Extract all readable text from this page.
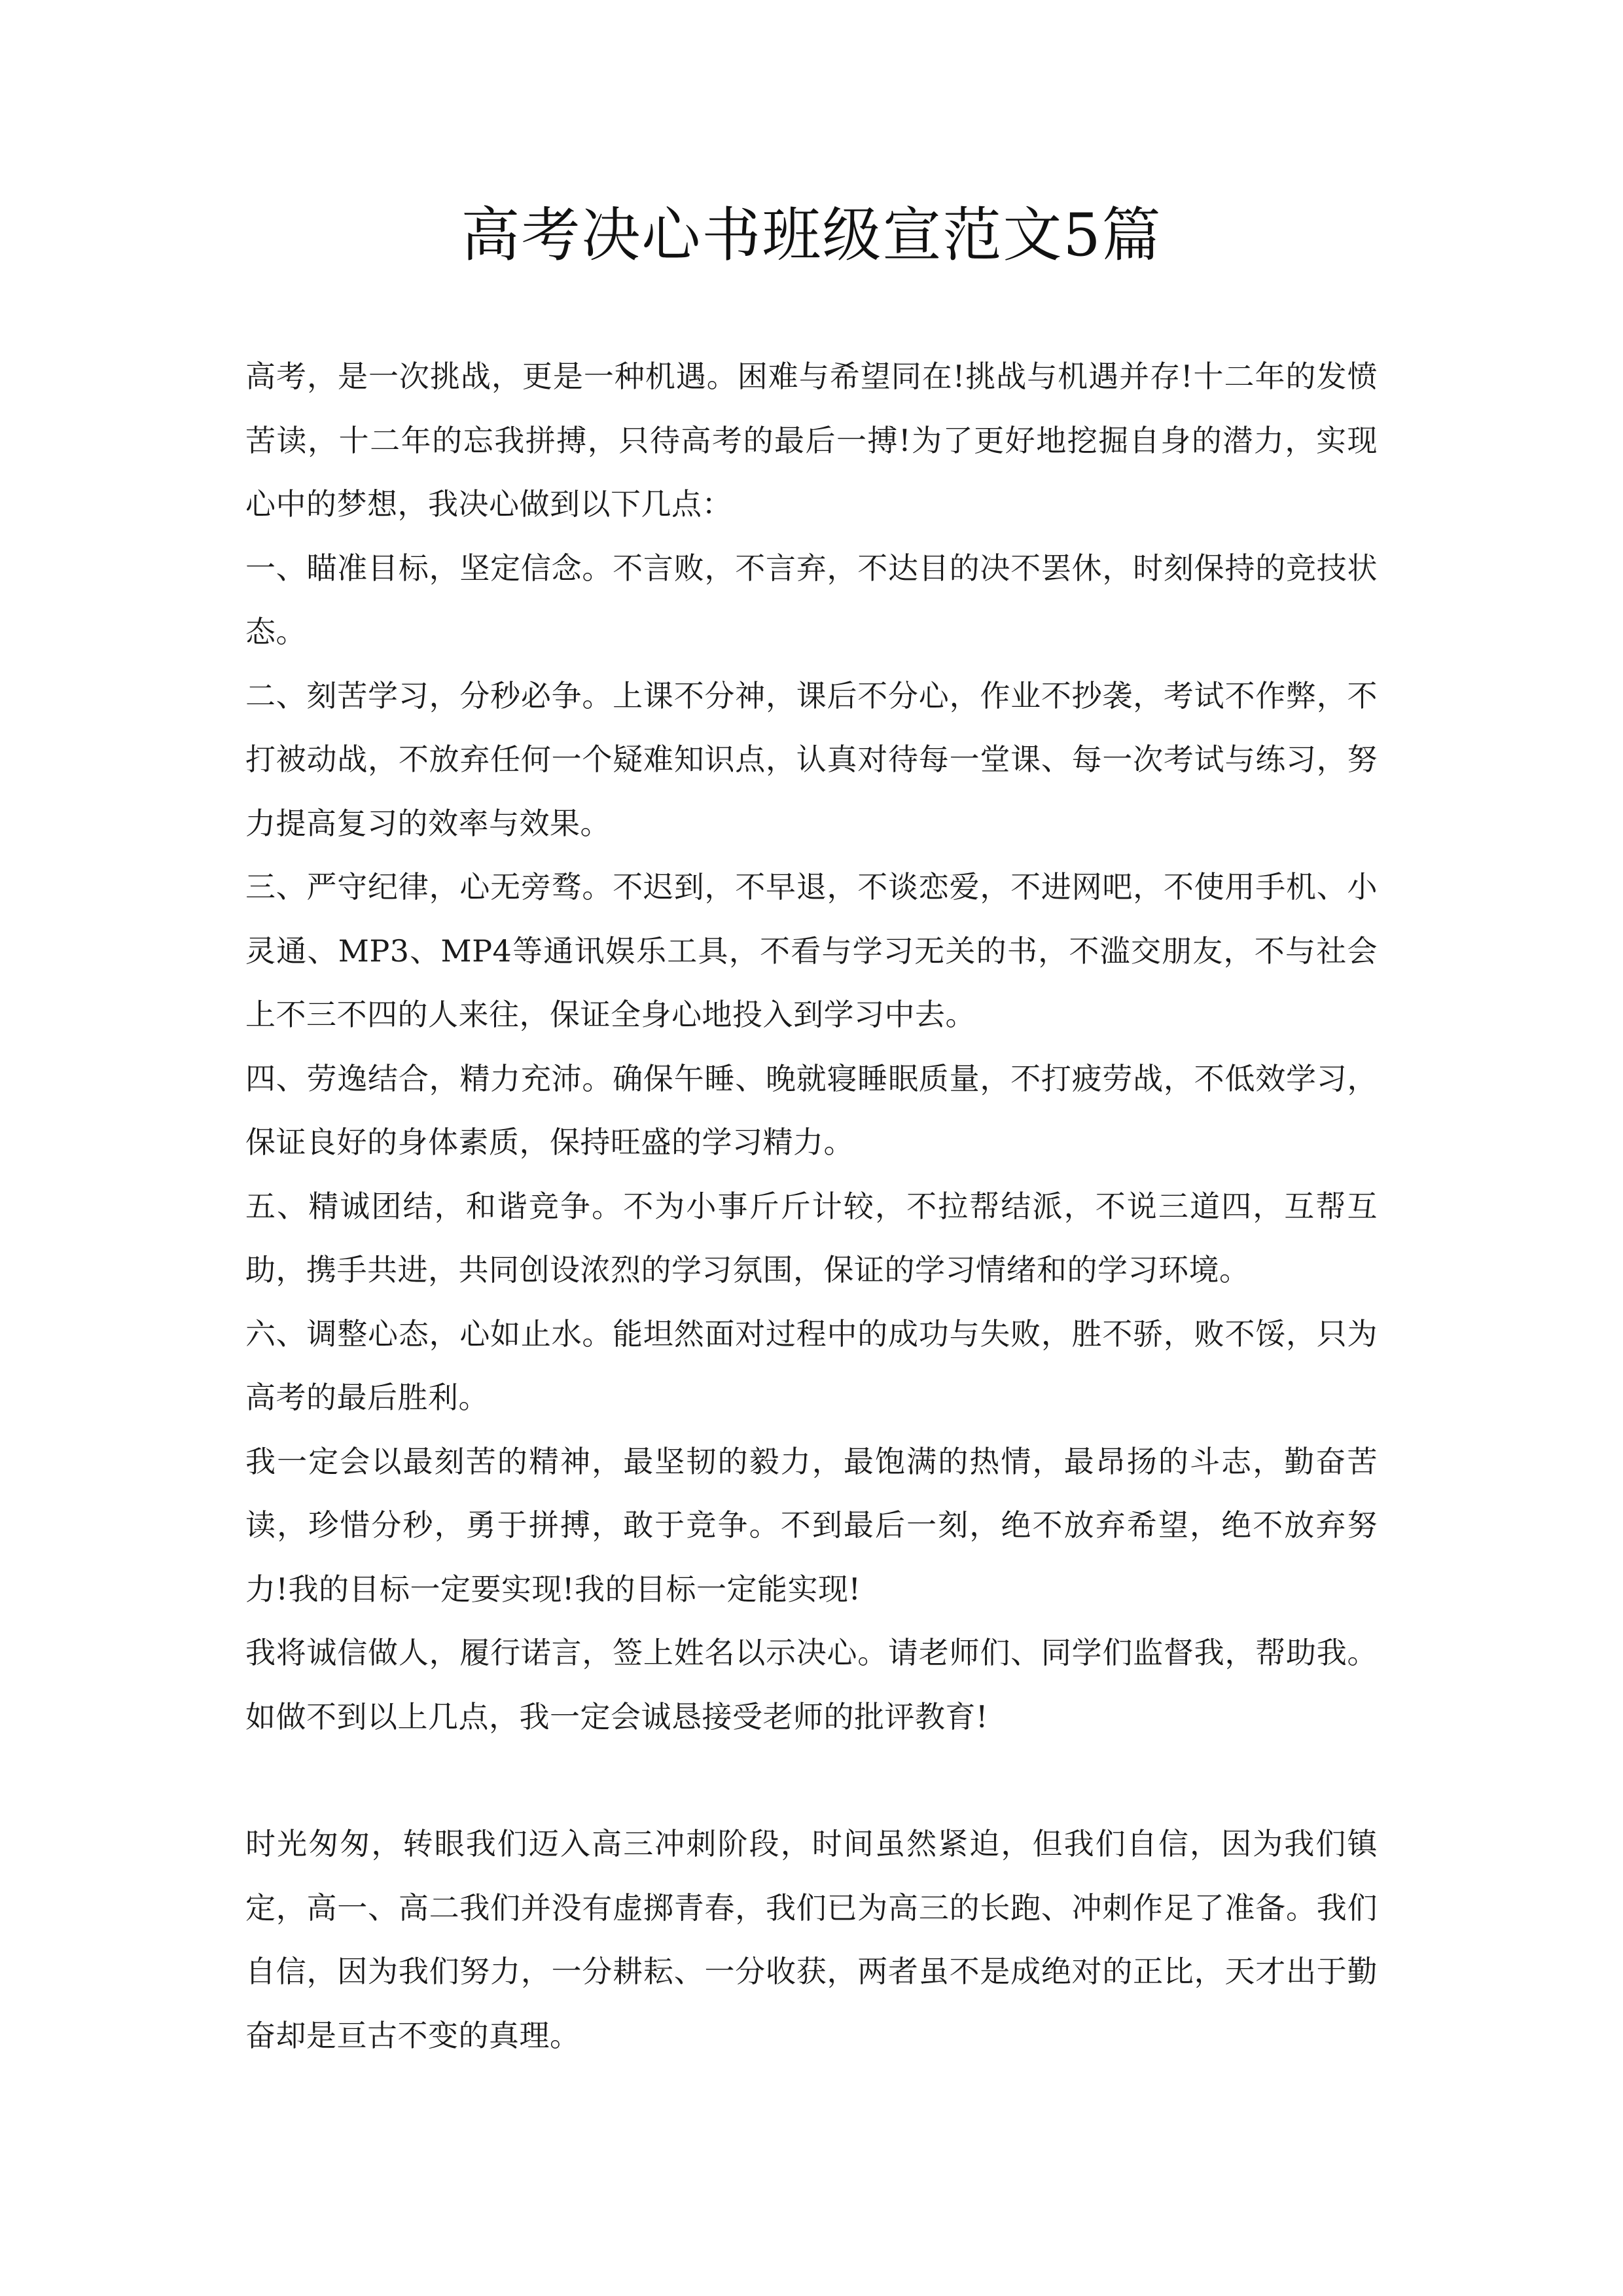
高考决心书班级宣范文5篇

高考，是一次挑战，更是一种机遇。困难与希望同在!挑战与机遇并存!十二年的发愤苦读，十二年的忘我拼搏，只待高考的最后一搏!为了更好地挖掘自身的潜力，实现心中的梦想，我决心做到以下几点：

一、瞄准目标，坚定信念。不言败，不言弃，不达目的决不罢休，时刻保持的竞技状态。

二、刻苦学习，分秒必争。上课不分神，课后不分心，作业不抄袭，考试不作弊，不打被动战，不放弃任何一个疑难知识点，认真对待每一堂课、每一次考试与练习，努力提高复习的效率与效果。

三、严守纪律，心无旁骛。不迟到，不早退，不谈恋爱，不进网吧，不使用手机、小灵通、MP3、MP4等通讯娱乐工具，不看与学习无关的书，不滥交朋友，不与社会上不三不四的人来往，保证全身心地投入到学习中去。

四、劳逸结合，精力充沛。确保午睡、晚就寝睡眠质量，不打疲劳战，不低效学习，保证良好的身体素质，保持旺盛的学习精力。

五、精诚团结，和谐竞争。不为小事斤斤计较，不拉帮结派，不说三道四，互帮互助，携手共进，共同创设浓烈的学习氛围，保证的学习情绪和的学习环境。

六、调整心态，心如止水。能坦然面对过程中的成功与失败，胜不骄，败不馁，只为高考的最后胜利。

我一定会以最刻苦的精神，最坚韧的毅力，最饱满的热情，最昂扬的斗志，勤奋苦读，珍惜分秒，勇于拼搏，敢于竞争。不到最后一刻，绝不放弃希望，绝不放弃努力!我的目标一定要实现!我的目标一定能实现!

我将诚信做人，履行诺言，签上姓名以示决心。请老师们、同学们监督我，帮助我。如做不到以上几点，我一定会诚恳接受老师的批评教育!

时光匆匆，转眼我们迈入高三冲刺阶段，时间虽然紧迫，但我们自信，因为我们镇定，高一、高二我们并没有虚掷青春，我们已为高三的长跑、冲刺作足了准备。我们自信，因为我们努力，一分耕耘、一分收获，两者虽不是成绝对的正比，天才出于勤奋却是亘古不变的真理。
